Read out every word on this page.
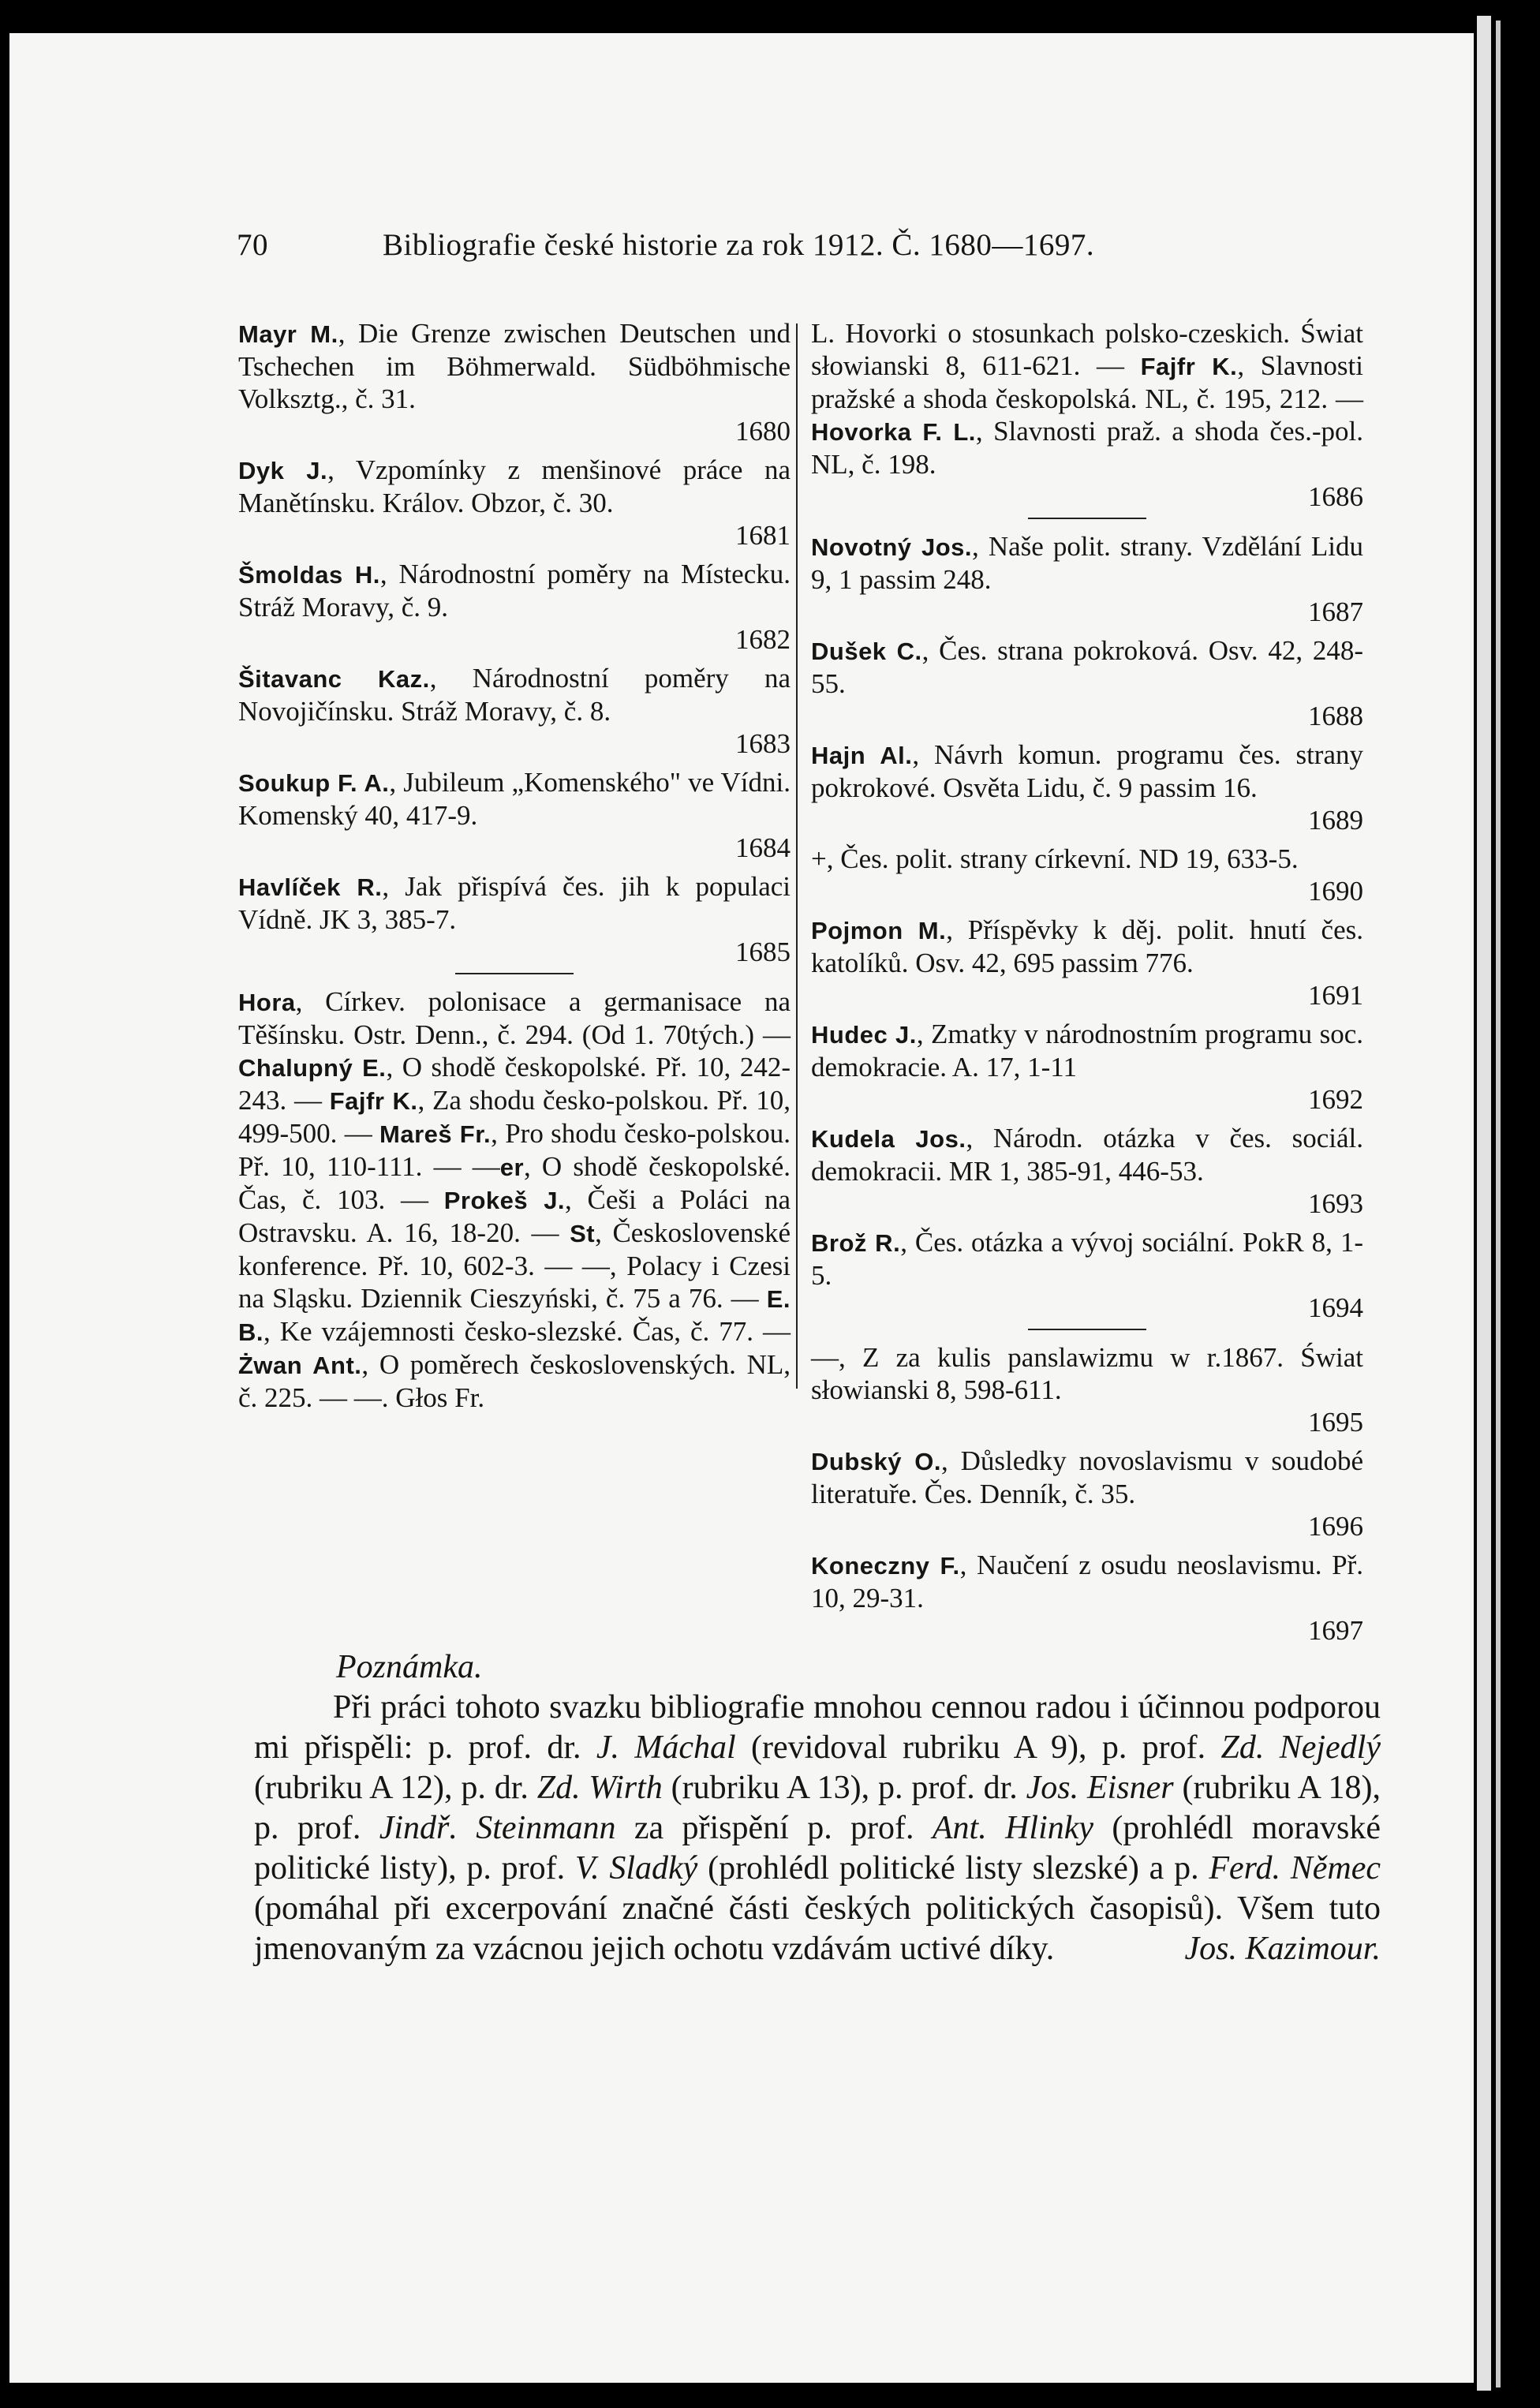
70	Bibliografie české historie za rok 1912. Č. 1680—1697.
Mayr M., Die Grenze zwischen Deutschen und Tschechen im Böhmerwald. Südböhmische Volksztg., č. 31.
1680
Dyk J., Vzpomínky z menšinové práce na Manětínsku. Králov. Obzor, č. 30.
1681
Šmoldas H., Národnostní poměry na Místecku. Stráž Moravy, č. 9.
1682
Šitavanc Kaz., Národnostní poměry na Novojičínsku. Stráž Moravy, č. 8.
1683
Soukup F. A., Jubileum „Komenského" ve Vídni. Komenský 40, 417-9.
1684
Havlíček R., Jak přispívá čes. jih k populaci Vídně. JK 3, 385-7.
1685
Hora, Církev. polonisace a germanisace na Těšínsku. Ostr. Denn., č. 294. (Od 1. 70tých.) — Chalupný E., O shodě českopolské. Př. 10, 242-243. — Fajfr K., Za shodu česko-polskou. Př. 10, 499-500. — Mareš Fr., Pro shodu česko-polskou. Př. 10, 110-111. — —er, O shodě českopolské. Čas, č. 103. — Prokeš J., Češi a Poláci na Ostravsku. A. 16, 18-20. — St, Československé konference. Př. 10, 602-3. — —, Polacy i Czesi na Sląsku. Dziennik Cieszyński, č. 75 a 76. — E. B., Ke vzájemnosti česko-slezské. Čas, č. 77. — Żwan Ant., O poměrech československých. NL, č. 225. — —. Głos Fr.
L. Hovorki o stosunkach polsko-czeskich. Świat słowianski 8, 611-621. — Fajfr K., Slavnosti pražské a shoda českopolská. NL, č. 195, 212. — Hovorka F. L., Slavnosti praž. a shoda čes.-pol. NL, č. 198.
1686
Novotný Jos., Naše polit. strany. Vzdělání Lidu 9, 1 passim 248.
1687
Dušek C., Čes. strana pokroková. Osv. 42, 248-55.
1688
Hajn Al., Návrh komun. programu čes. strany pokrokové. Osvěta Lidu, č. 9 passim 16.
1689
+, Čes. polit. strany církevní. ND 19, 633-5.
1690
Pojmon M., Příspěvky k děj. polit. hnutí čes. katolíků. Osv. 42, 695 passim 776.
1691
Hudec J., Zmatky v národnostním programu soc. demokracie. A. 17, 1-11
1692
Kudela Jos., Národn. otázka v čes. sociál. demokracii. MR 1, 385-91, 446-53.
1693
Brož R., Čes. otázka a vývoj sociální. PokR 8, 1-5.
1694
—, Z za kulis panslawizmu w r.1867. Świat słowianski 8, 598-611.
1695
Dubský O., Důsledky novoslavismu v soudobé literatuře. Čes. Denník, č. 35.
1696
Koneczny F., Naučení z osudu neoslavismu. Př. 10, 29-31.
1697
Poznámka.

Při práci tohoto svazku bibliografie mnohou cennou radou i účinnou podporou mi přispěli: p. prof. dr. J. Máchal (revidoval rubriku A 9), p. prof. Zd. Nejedlý (rubriku A 12), p. dr. Zd. Wirth (rubriku A 13), p. prof. dr. Jos. Eisner (rubriku A 18), p. prof. Jindř. Steinmann za přispění p. prof. Ant. Hlinky (prohlédl moravské politické listy), p. prof. V. Sladký (prohlédl politické listy slezské) a p. Ferd. Němec (pomáhal při excerpování značné části českých politických časopisů). Všem tuto jmenovaným za vzácnou jejich ochotu vzdávám uctivé díky.	Jos. Kazimour.
